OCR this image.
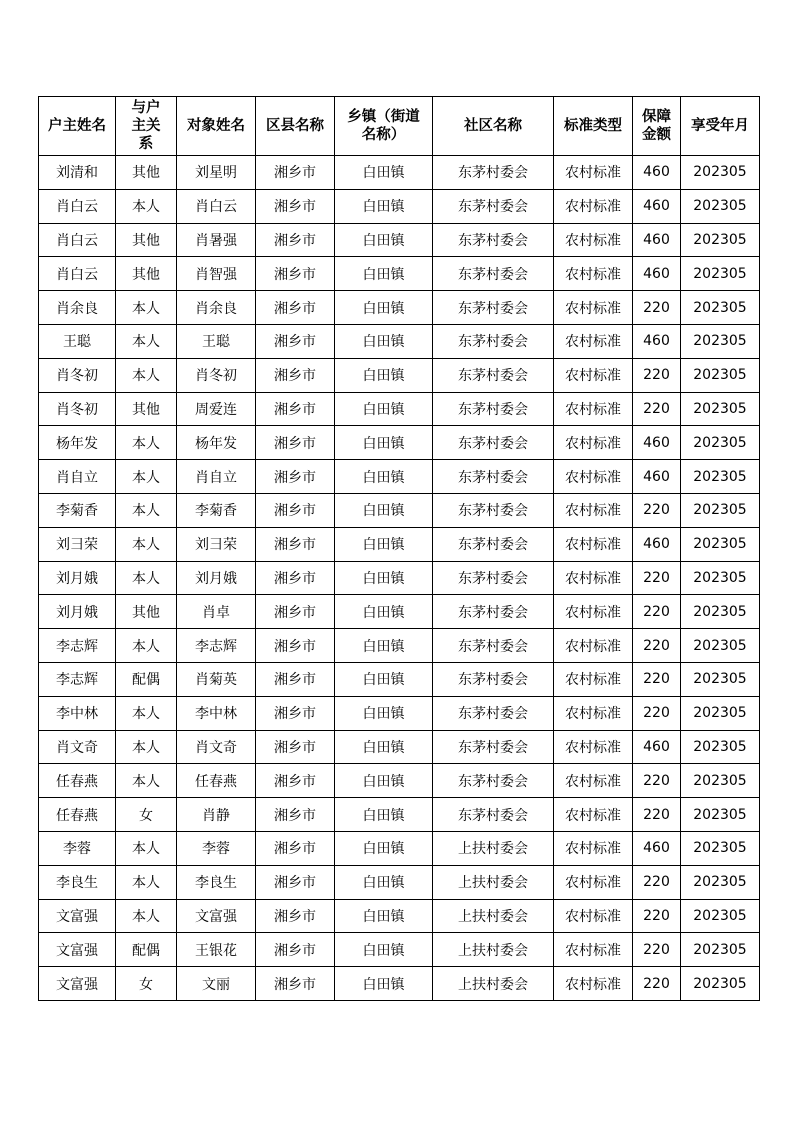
户主姓名	与户主关系	对象姓名	区县名称	乡镇（街道名称）	社区名称	标准类型	保障金额	享受年月
刘清和	其他	刘星明	湘乡市	白田镇	东茅村委会	农村标准	460	202305
肖白云	本人	肖白云	湘乡市	白田镇	东茅村委会	农村标准	460	202305
肖白云	其他	肖暑强	湘乡市	白田镇	东茅村委会	农村标准	460	202305
肖白云	其他	肖智强	湘乡市	白田镇	东茅村委会	农村标准	460	202305
肖余良	本人	肖余良	湘乡市	白田镇	东茅村委会	农村标准	220	202305
王聪	本人	王聪	湘乡市	白田镇	东茅村委会	农村标准	460	202305
肖冬初	本人	肖冬初	湘乡市	白田镇	东茅村委会	农村标准	220	202305
肖冬初	其他	周爱连	湘乡市	白田镇	东茅村委会	农村标准	220	202305
杨年发	本人	杨年发	湘乡市	白田镇	东茅村委会	农村标准	460	202305
肖自立	本人	肖自立	湘乡市	白田镇	东茅村委会	农村标准	460	202305
李菊香	本人	李菊香	湘乡市	白田镇	东茅村委会	农村标准	220	202305
刘彐荣	本人	刘彐荣	湘乡市	白田镇	东茅村委会	农村标准	460	202305
刘月娥	本人	刘月娥	湘乡市	白田镇	东茅村委会	农村标准	220	202305
刘月娥	其他	肖卓	湘乡市	白田镇	东茅村委会	农村标准	220	202305
李志辉	本人	李志辉	湘乡市	白田镇	东茅村委会	农村标准	220	202305
李志辉	配偶	肖菊英	湘乡市	白田镇	东茅村委会	农村标准	220	202305
李中林	本人	李中林	湘乡市	白田镇	东茅村委会	农村标准	220	202305
肖文奇	本人	肖文奇	湘乡市	白田镇	东茅村委会	农村标准	460	202305
任春燕	本人	任春燕	湘乡市	白田镇	东茅村委会	农村标准	220	202305
任春燕	女	肖静	湘乡市	白田镇	东茅村委会	农村标准	220	202305
李蓉	本人	李蓉	湘乡市	白田镇	上扶村委会	农村标准	460	202305
李良生	本人	李良生	湘乡市	白田镇	上扶村委会	农村标准	220	202305
文富强	本人	文富强	湘乡市	白田镇	上扶村委会	农村标准	220	202305
文富强	配偶	王银花	湘乡市	白田镇	上扶村委会	农村标准	220	202305
文富强	女	文丽	湘乡市	白田镇	上扶村委会	农村标准	220	202305
